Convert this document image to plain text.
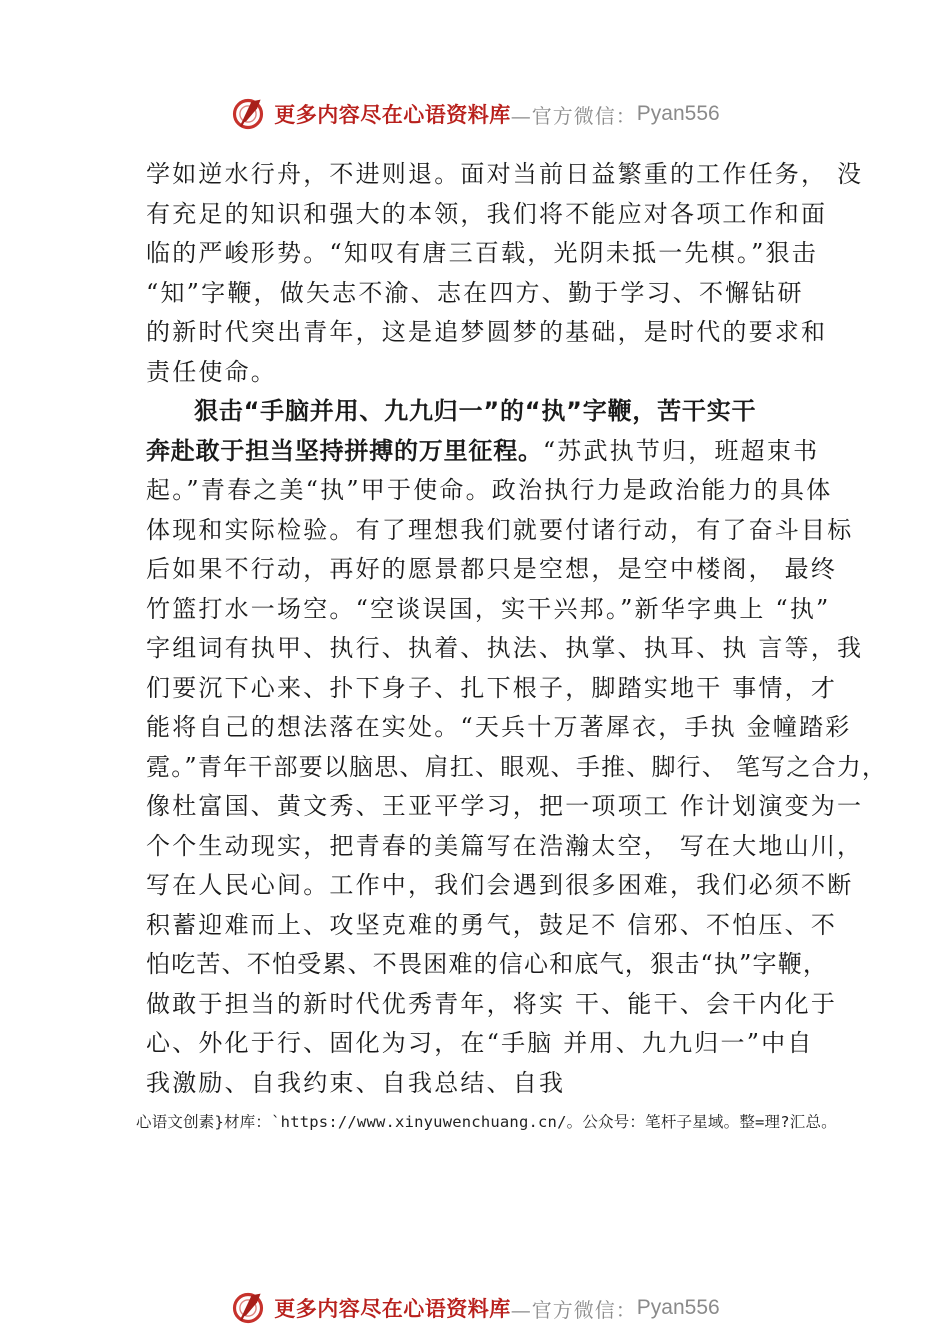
更多内容尽在心语资料库 —官方微信： Pyan556
学如逆水行舟，不进则退。面对当前日益繁重的工作任务， 没
有充足的知识和强大的本领，我们将不能应对各项工作和面
临的严峻形势。“知叹有唐三百载，光阴未抵一先棋。”狠击
“知”字鞭，做矢志不渝、志在四方、勤于学习、不懈钻研
的新时代突出青年，这是追梦圆梦的基础，是时代的要求和
责任使命。
狠击“手脑并用、九九归一”的“执”字鞭，苦干实干
奔赴敢于担当坚持拼搏的万里征程。“苏武执节归，班超束书
起。”青春之美“执”甲于使命。政治执行力是政治能力的具体
体现和实际检验。有了理想我们就要付诸行动，有了奋斗目标
后如果不行动，再好的愿景都只是空想，是空中楼阁， 最终
竹篮打水一场空。“空谈误国，实干兴邦。”新华字典上 “执”
字组词有执甲、执行、执着、执法、执掌、执耳、执 言等，我
们要沉下心来、扑下身子、扎下根子，脚踏实地干 事情，才
能将自己的想法落在实处。“天兵十万著犀衣，手执 金幢踏彩
霓。”青年干部要以脑思、肩扛、眼观、手推、脚行、 笔写之合力，
像杜富国、黄文秀、王亚平学习，把一项项工 作计划演变为一
个个生动现实，把青春的美篇写在浩瀚太空， 写在大地山川，
写在人民心间。工作中，我们会遇到很多困难，我们必须不断
积蓄迎难而上、攻坚克难的勇气，鼓足不 信邪、不怕压、不
怕吃苦、不怕受累、不畏困难的信心和底气，狠击“执”字鞭，
做敢于担当的新时代优秀青年，将实 干、能干、会干内化于
心、外化于行、固化为习，在“手脑 并用、九九归一”中自
我激励、自我约束、自我总结、自我
心语文创素}材库：`https://www.xinyuwenchuang.cn/。公众号：笔杆子星域。整=理?汇总。
更多内容尽在心语资料库 —官方微信： Pyan556
